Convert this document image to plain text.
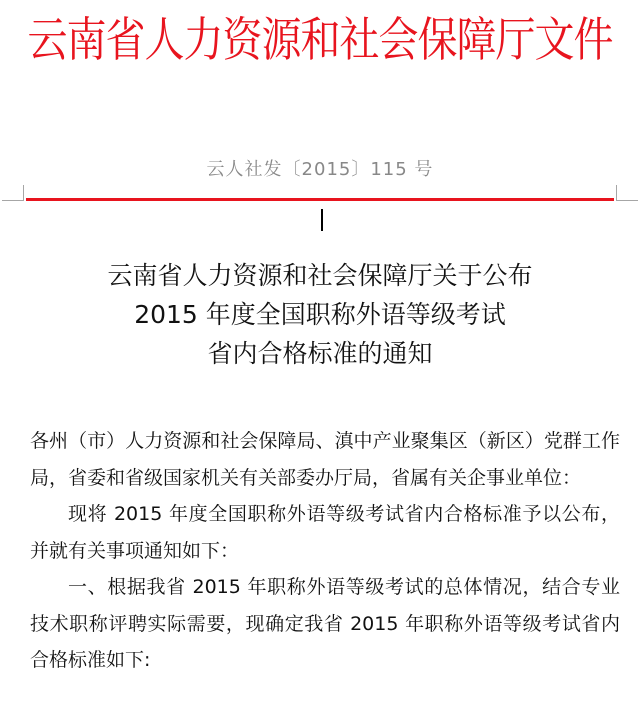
云南省人力资源和社会保障厅文件
云人社发〔2015〕115 号
云南省人力资源和社会保障厅关于公布
2015 年度全国职称外语等级考试
省内合格标准的通知

各州（市）人力资源和社会保障局、滇中产业聚集区（新区）党群工作局，省委和省级国家机关有关部委办厅局，省属有关企事业单位：

现将 2015 年度全国职称外语等级考试省内合格标准予以公布，并就有关事项通知如下：

一、根据我省 2015 年职称外语等级考试的总体情况，结合专业技术职称评聘实际需要，现确定我省 2015 年职称外语等级考试省内合格标准如下:
